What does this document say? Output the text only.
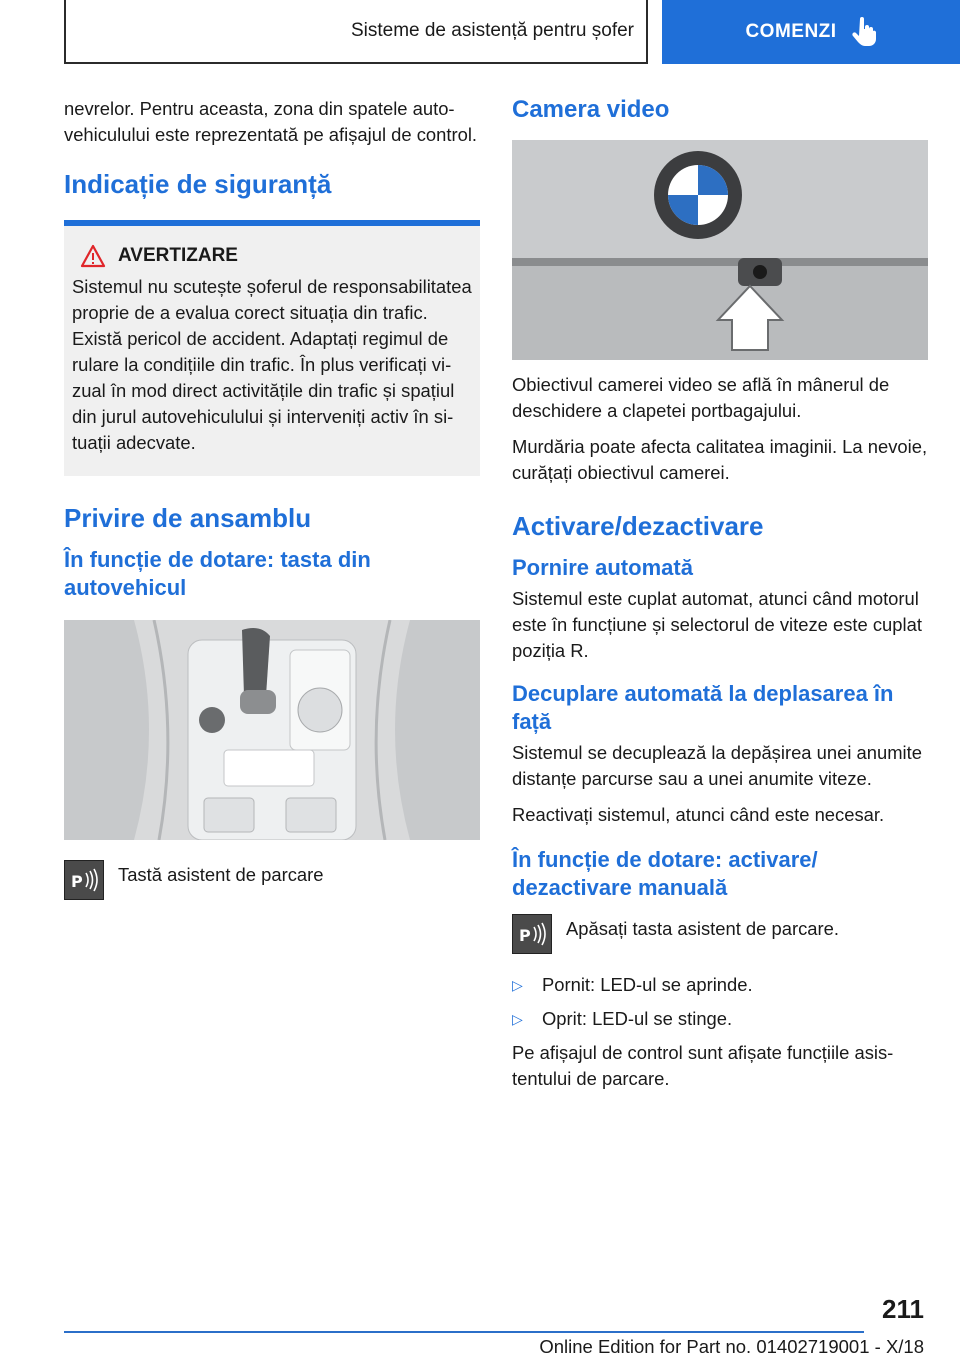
Sisteme de asistență pentru șofer	COMENZI

nevrelor. Pentru aceasta, zona din spatele autovehiculului este reprezentată pe afișajul de control.

Indicație de siguranță
AVERTIZARE

Sistemul nu scutește șoferul de responsabilitatea proprie de a evalua corect situația din trafic. Există pericol de accident. Adaptați regimul de rulare la condițiile din trafic. În plus verificați vizual în mod direct activitățile din trafic și spațiul din jurul autovehiculului și interveniți activ în situații adecvate.

Privire de ansamblu
În funcție de dotare: tasta din autovehicul
P Tastă asistent de parcare

Camera video

Obiectivul camerei video se află în mânerul de deschidere a clapetei portbagajului.

Murdăria poate afecta calitatea imaginii. La nevoie, curățați obiectivul camerei.

Activare/dezactivare
Pornire automată

Sistemul este cuplat automat, atunci când motorul este în funcțiune și selectorul de viteze este cuplat poziția R.

Decuplare automată la deplasarea în față

Sistemul se decuplează la depășirea unei anumite distanțe parcurse sau a unei anumite viteze.

Reactivați sistemul, atunci când este necesar.

În funcție de dotare: activare/ dezactivare manuală
P Apăsați tasta asistent de parcare.

▷ Pornit: LED-ul se aprinde.
▷ Oprit: LED-ul se stinge.

Pe afișajul de control sunt afișate funcțiile asistentului de parcare.

211
Online Edition for Part no. 01402719001 - X/18
